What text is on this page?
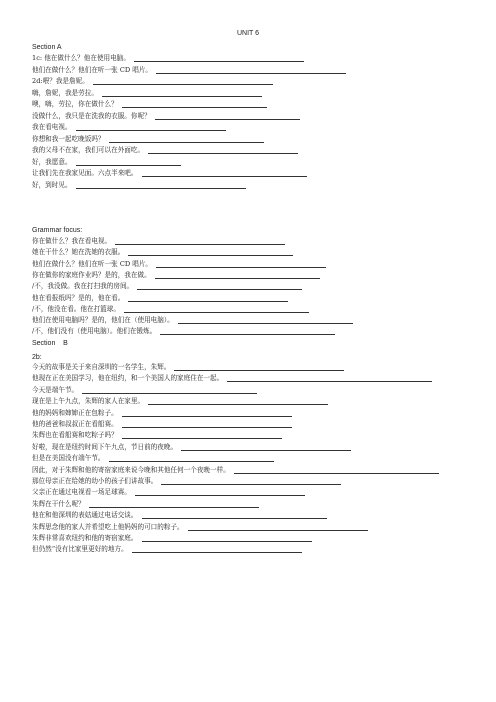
UNIT 6
Section A
1c: 他在做什么？他在使用电脑。
他们在做什么？他们在听一张 CD 唱片。
2d:喂？我是詹妮。
嗨，詹妮，我是劳拉。
噢，嗨，劳拉，你在做什么？
没做什么，我只是在洗我的衣服。你呢？
我在看电视。
你想和我一起吃晚饭吗？
我的父母不在家，我们可以在外面吃。
好，我愿意。
让我们先在我家见面。六点半来吧。
好，到时见。
Grammar focus:
你在做什么？我在看电视。
她在干什么？她在洗她的衣服。
他们在做什么？他们在听一张 CD 唱片。
你在做你的家庭作业吗？是的，我在做。
/不，我没做。我在打扫我的房间。
他在看报纸吗？是的，他在看。
/不，他没在看。他在打篮球。
他们在使用电脑吗？是的，他们在（使用电脑）。
/不，他们没有（使用电脑）。他们在锻炼。
Section    B
2b:
今天的故事是关于来自深圳的一名学生，朱辉。
他现在正在美国学习，他在纽约，和一个美国人的家庭住在一起。
今天是端午节。
现在是上午九点，朱辉的家人在家里。
他的妈妈和婶婶正在包粽子。
他的爸爸和叔叔正在看船赛。
朱辉也在看船赛和吃粽子吗？
好啦，现在是纽约时间下午九点，节日前的夜晚。
但是在美国没有端午节。
因此，对于朱辉和他的寄宿家庭来说今晚和其他任何一个夜晚一样。
那位母亲正在给她的幼小的孩子们讲故事。
父亲正在通过电视看一场足球赛。
朱辉在干什么呢？
他在和他深圳的表姑通过电话交谈。
朱辉思念他的家人并希望吃上他妈妈的可口的粽子。
朱辉非常喜欢纽约和他的寄宿家庭。
但仍然“没有比家里更好的地方。
